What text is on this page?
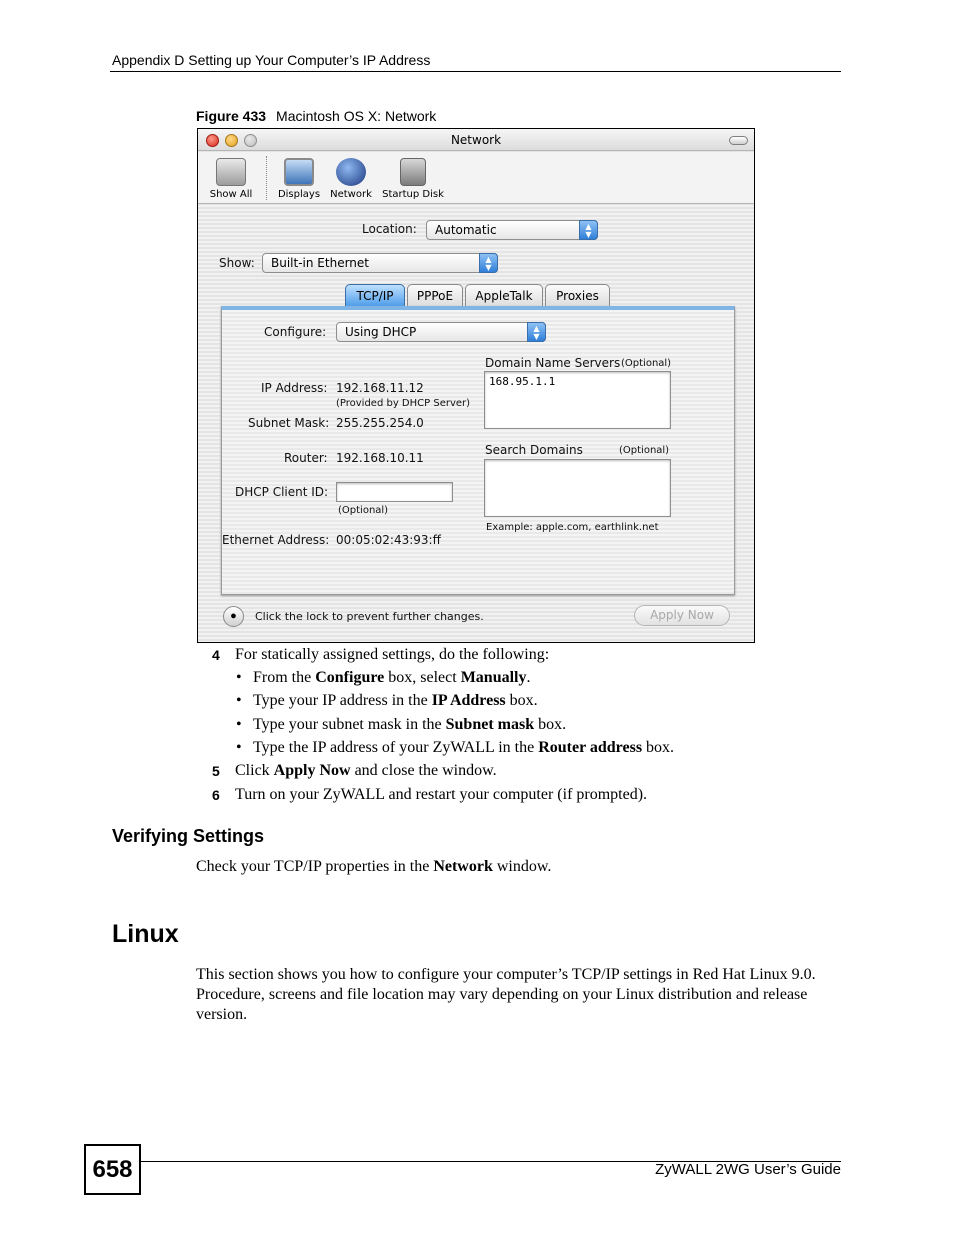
Appendix D Setting up Your Computer’s IP Address
Figure 433 Macintosh OS X: Network
Network
Show All	Displays	Network	Startup Disk
Location:	Automatic	▲
▼
Show:	Built-in Ethernet	▲
▼
TCP/IP	PPPoE	AppleTalk	Proxies
Configure:	Using DHCP	▲
▼
IP Address: 192.168.11.12
(Provided by DHCP Server)
Subnet Mask: 255.255.254.0
Router: 192.168.10.11
DHCP Client ID:
(Optional)
Ethernet Address: 00:05:02:43:93:ff
Domain Name Servers (Optional)
168.95.1.1
Search Domains	(Optional)
Example: apple.com, earthlink.net
●	Click the lock to prevent further changes.	Apply Now
4 For statically assigned settings, do the following:
• From the Configure box, select Manually.
• Type your IP address in the IP Address box.
• Type your subnet mask in the Subnet mask box.
• Type the IP address of your ZyWALL in the Router address box.
5 Click Apply Now and close the window.
6 Turn on your ZyWALL and restart your computer (if prompted).
Verifying Settings
Check your TCP/IP properties in the Network window.
Linux
This section shows you how to configure your computer’s TCP/IP settings in Red Hat Linux 9.0. Procedure, screens and file location may vary depending on your Linux distribution and release version.
658	ZyWALL 2WG User’s Guide
